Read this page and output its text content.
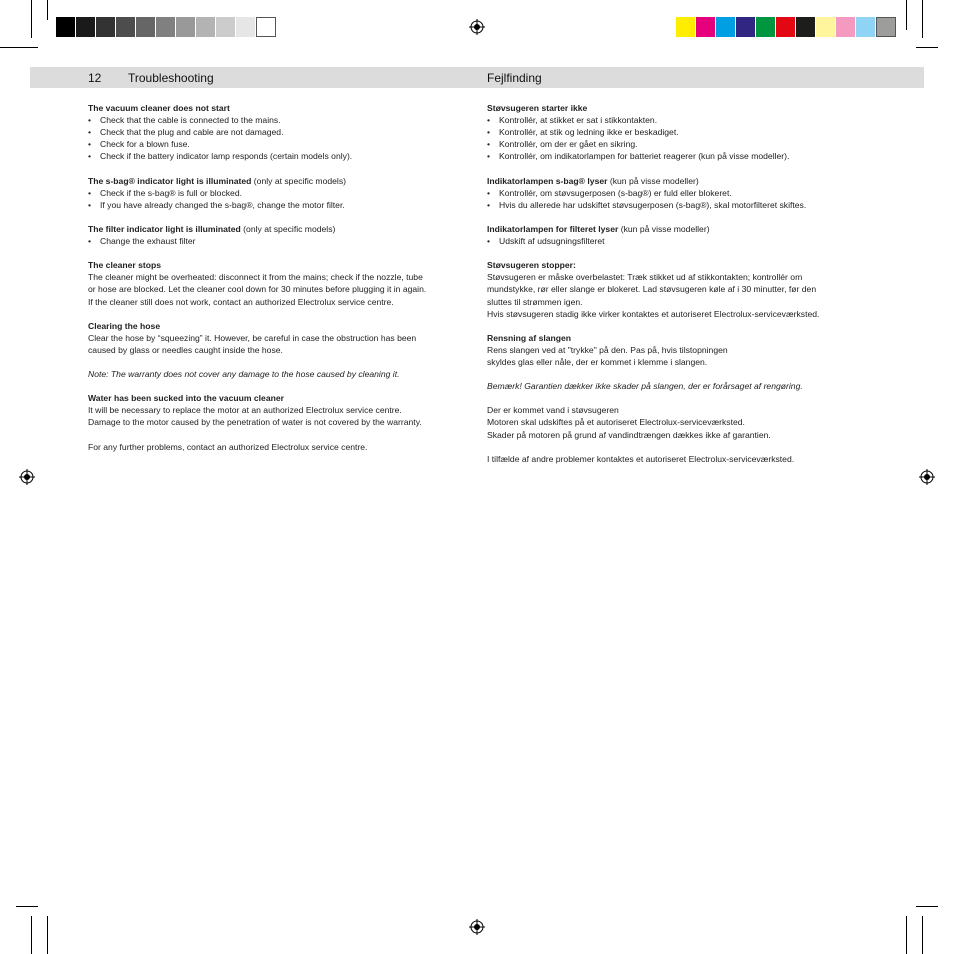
12 Troubleshooting	Fejlfinding
The vacuum cleaner does not start
• Check that the cable is connected to the mains.
• Check that the plug and cable are not damaged.
• Check for a blown fuse.
• Check if the battery indicator lamp responds (certain models only).
The s-bag® indicator light is illuminated (only at specific models)
• Check if the s-bag® is full or blocked.
• If you have already changed the s-bag®, change the motor filter.
The filter indicator light is illuminated (only at specific models)
• Change the exhaust filter
The cleaner stops
The cleaner might be overheated: disconnect it from the mains; check if the nozzle, tube
or hose are blocked. Let the cleaner cool down for 30 minutes before plugging it in again.
If the cleaner still does not work, contact an authorized Electrolux service centre.
Clearing the hose
Clear the hose by “squeezing” it. However, be careful in case the obstruction has been
caused by glass or needles caught inside the hose.
Note: The warranty does not cover any damage to the hose caused by cleaning it.
Water has been sucked into the vacuum cleaner
It will be necessary to replace the motor at an authorized Electrolux service centre.
Damage to the motor caused by the penetration of water is not covered by the warranty.
For any further problems, contact an authorized Electrolux service centre.
Støvsugeren starter ikke
• Kontrollér, at stikket er sat i stikkontakten.
• Kontrollér, at stik og ledning ikke er beskadiget.
• Kontrollér, om der er gået en sikring.
• Kontrollér, om indikatorlampen for batteriet reagerer (kun på visse modeller).
Indikatorlampen s-bag® lyser (kun på visse modeller)
• Kontrollér, om støvsugerposen (s-bag®) er fuld eller blokeret.
• Hvis du allerede har udskiftet støvsugerposen (s-bag®), skal motorfilteret skiftes.
Indikatorlampen for filteret lyser (kun på visse modeller)
• Udskift af udsugningsfilteret
Støvsugeren stopper:
Støvsugeren er måske overbelastet: Træk stikket ud af stikkontakten; kontrollér om
mundstykke, rør eller slange er blokeret. Lad støvsugeren køle af i 30 minutter, før den
sluttes til strømmen igen.
Hvis støvsugeren stadig ikke virker kontaktes et autoriseret Electrolux-serviceværksted.
Rensning af slangen
Rens slangen ved at "trykke" på den. Pas på, hvis tilstopningen
skyldes glas eller nåle, der er kommet i klemme i slangen.
Bemærk! Garantien dækker ikke skader på slangen, der er forårsaget af rengøring.
Der er kommet vand i støvsugeren
Motoren skal udskiftes på et autoriseret Electrolux-serviceværksted.
Skader på motoren på grund af vandindtrængen dækkes ikke af garantien.
I tilfælde af andre problemer kontaktes et autoriseret Electrolux-serviceværksted.
